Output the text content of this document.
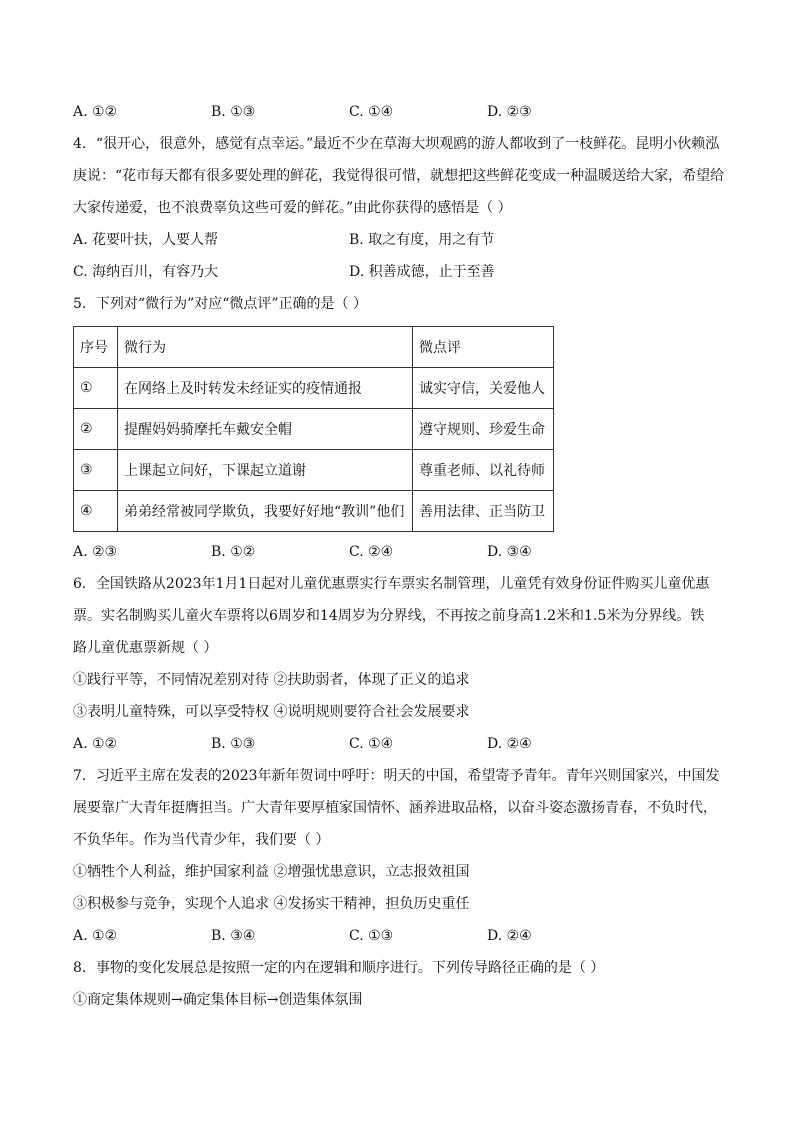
A. ①②	B. ①③	C. ①④	D. ②③
4．“很开心，很意外，感觉有点幸运。”最近不少在草海大坝观鸥的游人都收到了一枝鲜花。昆明小伙赖泓
庚说：“花市每天都有很多要处理的鲜花，我觉得很可惜，就想把这些鲜花变成一种温暖送给大家，希望给
大家传递爱，也不浪费辜负这些可爱的鲜花。”由此你获得的感悟是（ ）
A. 花要叶扶，人要人帮	B. 取之有度，用之有节
C. 海纳百川，有容乃大	D. 积善成德，止于至善
5．下列对“微行为”对应“微点评”正确的是（ ）
序号	微行为	微点评
①	在网络上及时转发未经证实的疫情通报	诚实守信，关爱他人
②	提醒妈妈骑摩托车戴安全帽	遵守规则、珍爱生命
③	上课起立问好，下课起立道谢	尊重老师、以礼待师
④	弟弟经常被同学欺负，我要好好地“教训”他们	善用法律、正当防卫
A. ②③	B. ①②	C. ②④	D. ③④
6．全国铁路从2023年1月1日起对儿童优惠票实行车票实名制管理，儿童凭有效身份证件购买儿童优惠
票。实名制购买儿童火车票将以6周岁和14周岁为分界线，不再按之前身高1.2米和1.5米为分界线。铁
路儿童优惠票新规（ ）
①践行平等，不同情况差别对待 ②扶助弱者，体现了正义的追求
③表明儿童特殊，可以享受特权 ④说明规则要符合社会发展要求
A. ①②	B. ①③	C. ①④	D. ②④
7．习近平主席在发表的2023年新年贺词中呼吁：明天的中国，希望寄予青年。青年兴则国家兴，中国发
展要靠广大青年挺膺担当。广大青年要厚植家国情怀、涵养进取品格，以奋斗姿态激扬青春，不负时代，
不负华年。作为当代青少年，我们要（ ）
①牺牲个人利益，维护国家利益 ②增强忧患意识，立志报效祖国
③积极参与竞争，实现个人追求 ④发扬实干精神，担负历史重任
A. ①②	B. ③④	C. ①③	D. ②④
8．事物的变化发展总是按照一定的内在逻辑和顺序进行。下列传导路径正确的是（ ）
①商定集体规则→确定集体目标→创造集体氛围
